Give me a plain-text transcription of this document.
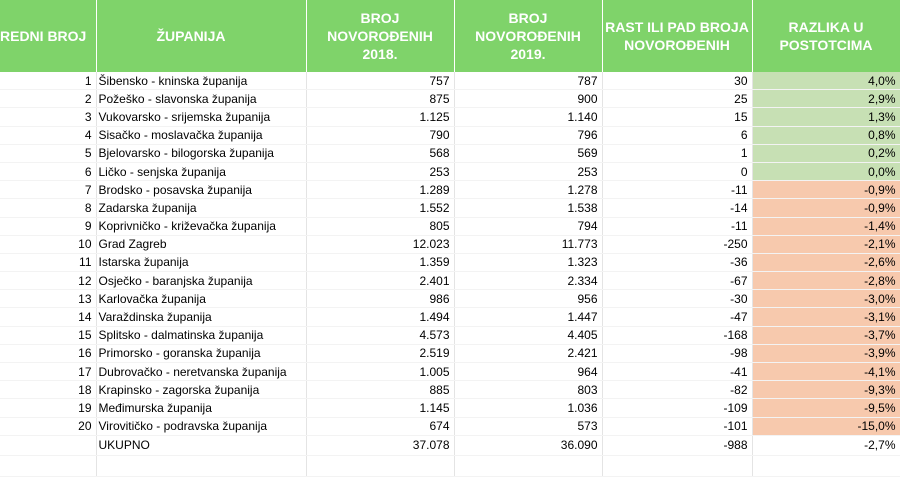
REDNI BROJ	ŽUPANIJA	BROJ NOVOROĐENIH 2018.	BROJ NOVOROĐENIH 2019.	RAST ILI PAD BROJA NOVOROĐENIH	RAZLIKA U POSTOTCIMA
1	Šibensko - kninska županija	757	787	30	4,0%
2	Požeško - slavonska županija	875	900	25	2,9%
3	Vukovarsko - srijemska županija	1.125	1.140	15	1,3%
4	Sisačko - moslavačka županija	790	796	6	0,8%
5	Bjelovarsko - bilogorska županija	568	569	1	0,2%
6	Ličko - senjska županija	253	253	0	0,0%
7	Brodsko - posavska županija	1.289	1.278	-11	-0,9%
8	Zadarska županija	1.552	1.538	-14	-0,9%
9	Koprivničko - križevačka županija	805	794	-11	-1,4%
10	Grad Zagreb	12.023	11.773	-250	-2,1%
11	Istarska županija	1.359	1.323	-36	-2,6%
12	Osječko - baranjska županija	2.401	2.334	-67	-2,8%
13	Karlovačka županija	986	956	-30	-3,0%
14	Varaždinska županija	1.494	1.447	-47	-3,1%
15	Splitsko - dalmatinska županija	4.573	4.405	-168	-3,7%
16	Primorsko - goranska županija	2.519	2.421	-98	-3,9%
17	Dubrovačko - neretvanska županija	1.005	964	-41	-4,1%
18	Krapinsko - zagorska županija	885	803	-82	-9,3%
19	Međimurska županija	1.145	1.036	-109	-9,5%
20	Virovitičko - podravska županija	674	573	-101	-15,0%
	UKUPNO	37.078	36.090	-988	-2,7%
